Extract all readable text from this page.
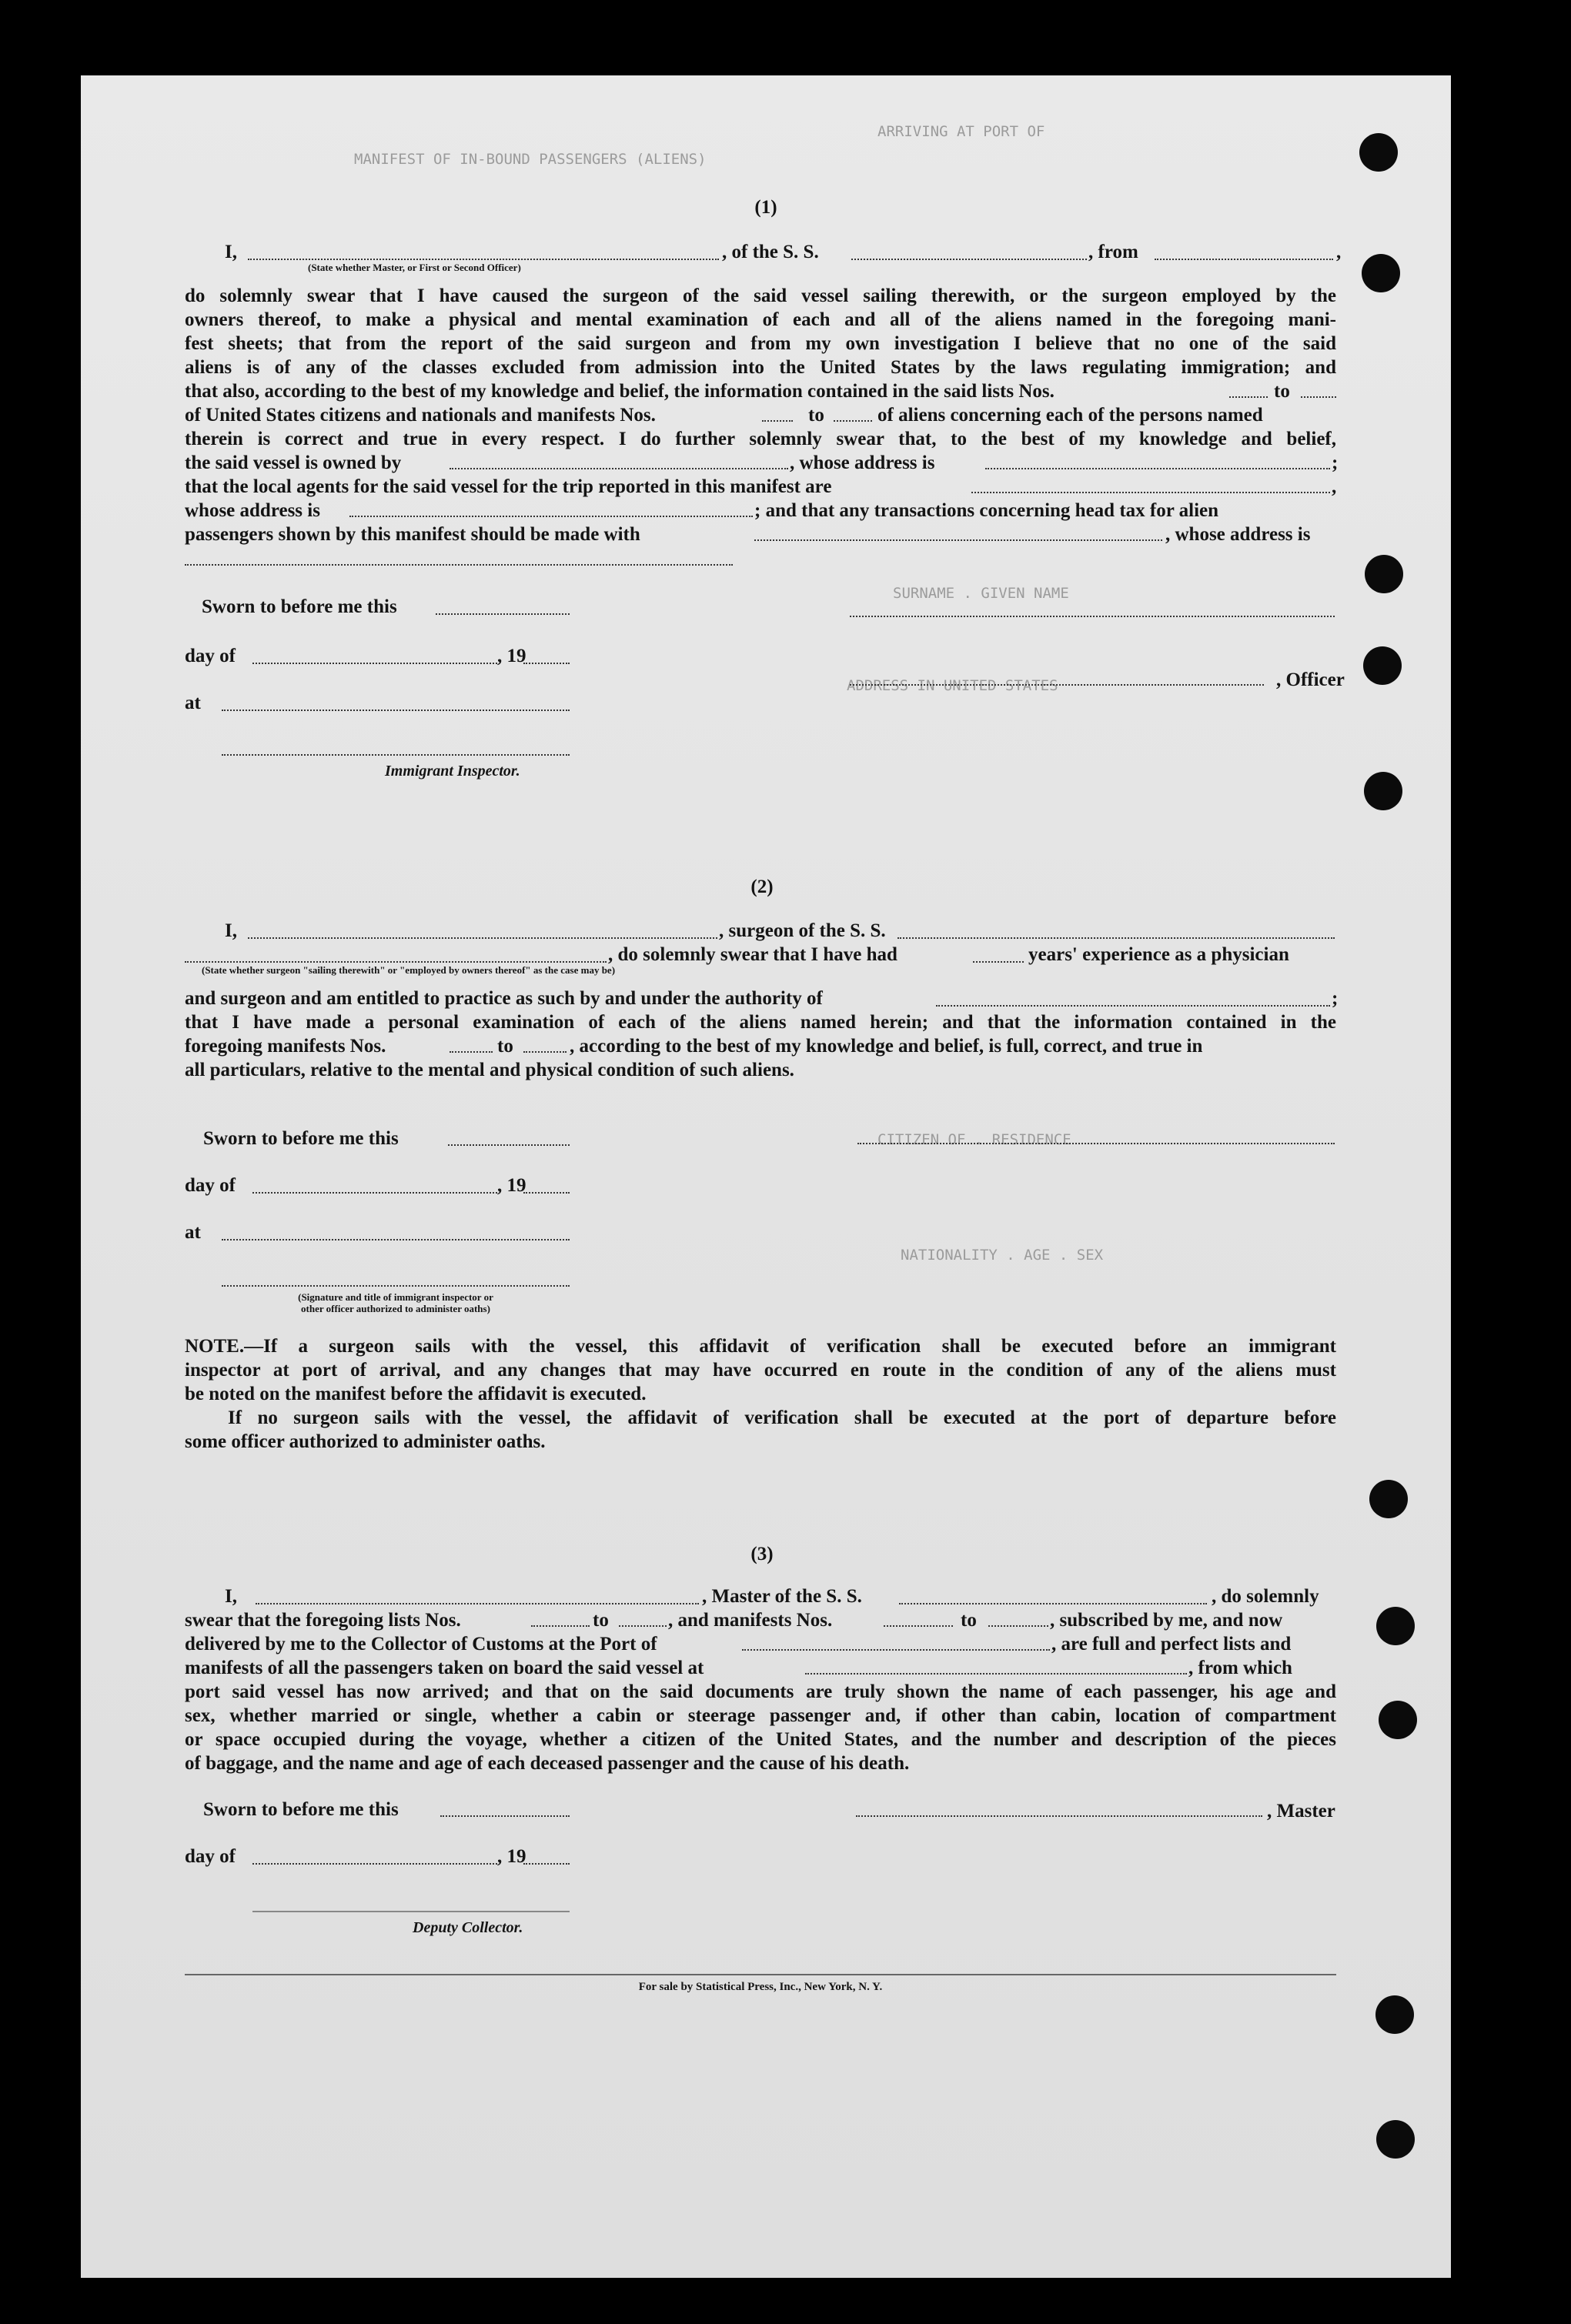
MANIFEST OF IN-BOUND PASSENGERS (ALIENS)
ARRIVING AT PORT OF
SURNAME . GIVEN NAME
ADDRESS IN UNITED STATES
CITIZEN OF . RESIDENCE
NATIONALITY . AGE . SEX
(1)
I,
(State whether Master, or First or Second Officer)
, of the S. S.	, from	,
do solemnly swear that I have caused the surgeon of the said vessel sailing therewith, or the surgeon employed by the
owners thereof, to make a physical and mental examination of each and all of the aliens named in the foregoing mani-
fest sheets; that from the report of the said surgeon and from my own investigation I believe that no one of the said
aliens is of any of the classes excluded from admission into the United States by the laws regulating immigration; and
that also, according to the best of my knowledge and belief, the information contained in the said lists Nos.	to
of United States citizens and nationals and manifests Nos.	to	of aliens concerning each of the persons named
therein is correct and true in every respect. I do further solemnly swear that, to the best of my knowledge and belief,
the said vessel is owned by	, whose address is	;
that the local agents for the said vessel for the trip reported in this manifest are	,
whose address is	; and that any transactions concerning head tax for alien
passengers shown by this manifest should be made with	, whose address is
Sworn to before me this
day of	, 19
at
Immigrant Inspector.
, Officer
(2)
I,	, surgeon of the S. S.
, do solemnly swear that I have had	years' experience as a physician
(State whether surgeon "sailing therewith" or "employed by owners thereof" as the case may be)
and surgeon and am entitled to practice as such by and under the authority of	;
that I have made a personal examination of each of the aliens named herein; and that the information contained in the
foregoing manifests Nos.	to	, according to the best of my knowledge and belief, is full, correct, and true in
all particulars, relative to the mental and physical condition of such aliens.
Sworn to before me this
day of	, 19
at
(Signature and title of immigrant inspector or
other officer authorized to administer oaths)
NOTE.—If a surgeon sails with the vessel, this affidavit of verification shall be executed before an immigrant
inspector at port of arrival, and any changes that may have occurred en route in the condition of any of the aliens must
be noted on the manifest before the affidavit is executed.
If no surgeon sails with the vessel, the affidavit of verification shall be executed at the port of departure before
some officer authorized to administer oaths.
(3)
I,	, Master of the S. S.	, do solemnly
swear that the foregoing lists Nos.	to	, and manifests Nos.	to	, subscribed by me, and now
delivered by me to the Collector of Customs at the Port of	, are full and perfect lists and
manifests of all the passengers taken on board the said vessel at	, from which
port said vessel has now arrived; and that on the said documents are truly shown the name of each passenger, his age and
sex, whether married or single, whether a cabin or steerage passenger and, if other than cabin, location of compartment
or space occupied during the voyage, whether a citizen of the United States, and the number and description of the pieces
of baggage, and the name and age of each deceased passenger and the cause of his death.
Sworn to before me this	, Master
day of	, 19
Deputy Collector.
For sale by Statistical Press, Inc., New York, N. Y.
